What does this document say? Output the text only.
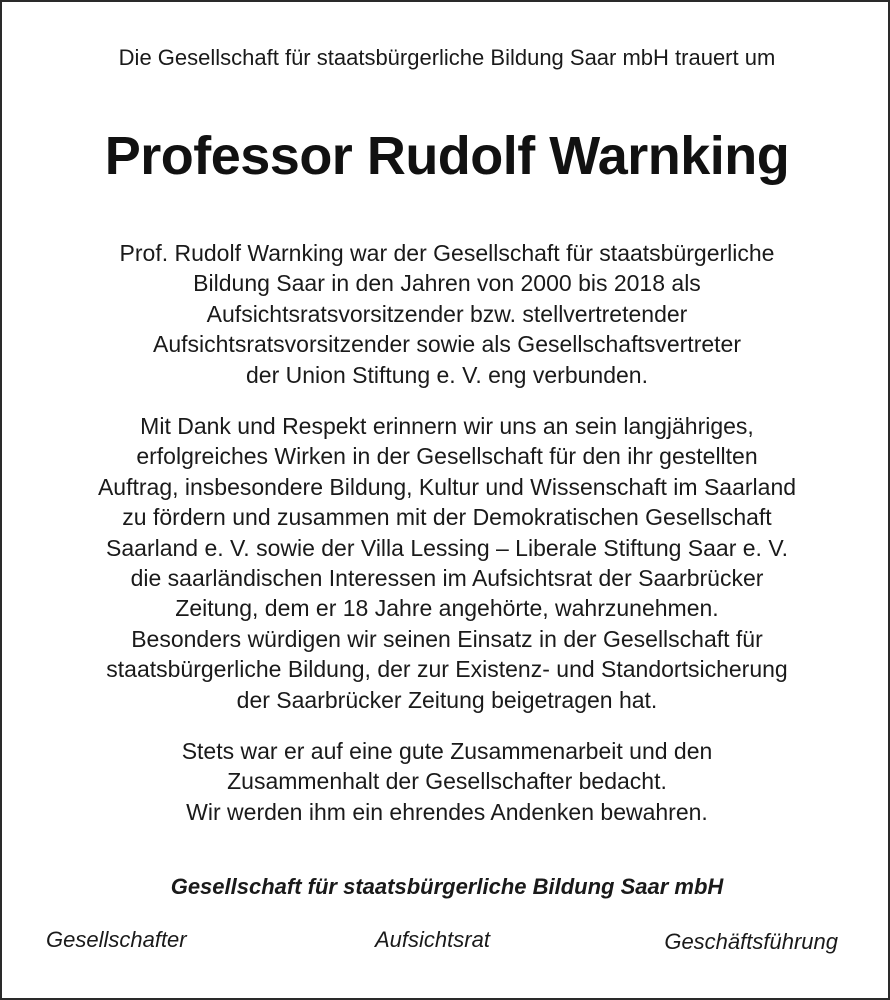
Die Gesellschaft für staatsbürgerliche Bildung Saar mbH trauert um
Professor Rudolf Warnking
Prof. Rudolf Warnking war der Gesellschaft für staatsbürgerliche
Bildung Saar in den Jahren von 2000 bis 2018 als
Aufsichtsratsvorsitzender bzw. stellvertretender
Aufsichtsratsvorsitzender sowie als Gesellschaftsvertreter
der Union Stiftung e. V. eng verbunden.
Mit Dank und Respekt erinnern wir uns an sein langjähriges,
erfolgreiches Wirken in der Gesellschaft für den ihr gestellten
Auftrag, insbesondere Bildung, Kultur und Wissenschaft im Saarland
zu fördern und zusammen mit der Demokratischen Gesellschaft
Saarland e. V. sowie der Villa Lessing – Liberale Stiftung Saar e. V.
die saarländischen Interessen im Aufsichtsrat der Saarbrücker
Zeitung, dem er 18 Jahre angehörte, wahrzunehmen.
Besonders würdigen wir seinen Einsatz in der Gesellschaft für
staatsbürgerliche Bildung, der zur Existenz- und Standortsicherung
der Saarbrücker Zeitung beigetragen hat.
Stets war er auf eine gute Zusammenarbeit und den
Zusammenhalt der Gesellschafter bedacht.
Wir werden ihm ein ehrendes Andenken bewahren.
Gesellschaft für staatsbürgerliche Bildung Saar mbH
Gesellschafter	Aufsichtsrat	Geschäftsführung
